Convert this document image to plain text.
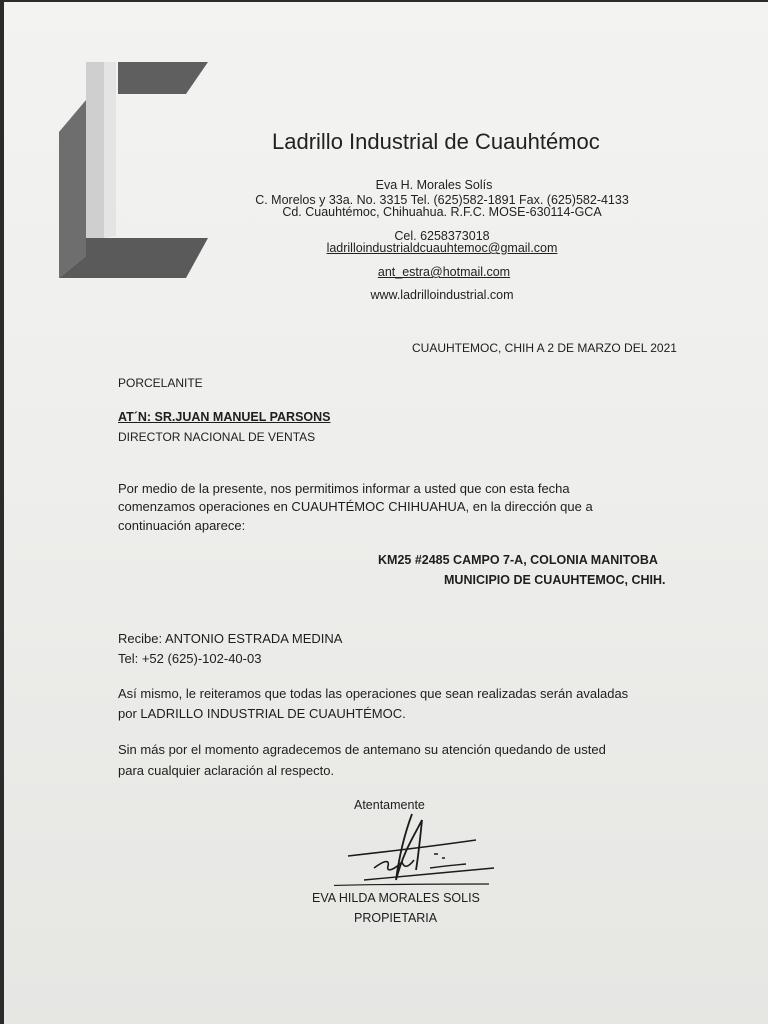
Ladrillo Industrial de Cuauhtémoc
Eva H. Morales Solís
C. Morelos y 33a. No. 3315 Tel. (625)582-1891 Fax. (625)582-4133
Cd. Cuauhtémoc, Chihuahua. R.F.C. MOSE-630114-GCA
Cel. 6258373018
ladrilloindustrialdcuauhtemoc@gmail.com
ant_estra@hotmail.com
www.ladrilloindustrial.com
CUAUHTEMOC, CHIH A 2 DE MARZO DEL 2021
PORCELANITE
AT´N: SR.JUAN MANUEL PARSONS
DIRECTOR NACIONAL DE VENTAS
Por medio de la presente, nos permitimos informar a usted que con esta fecha
comenzamos operaciones en CUAUHTÉMOC CHIHUAHUA, en la dirección que a
continuación aparece:
KM25 #2485 CAMPO 7-A, COLONIA MANITOBA
MUNICIPIO DE CUAUHTEMOC, CHIH.
Recibe: ANTONIO ESTRADA MEDINA
Tel: +52 (625)-102-40-03
Así mismo, le reiteramos que todas las operaciones que sean realizadas serán avaladas
por LADRILLO INDUSTRIAL DE CUAUHTÉMOC.
Sin más por el momento agradecemos de antemano su atención quedando de usted
para cualquier aclaración al respecto.
Atentamente
EVA HILDA MORALES SOLIS
PROPIETARIA
